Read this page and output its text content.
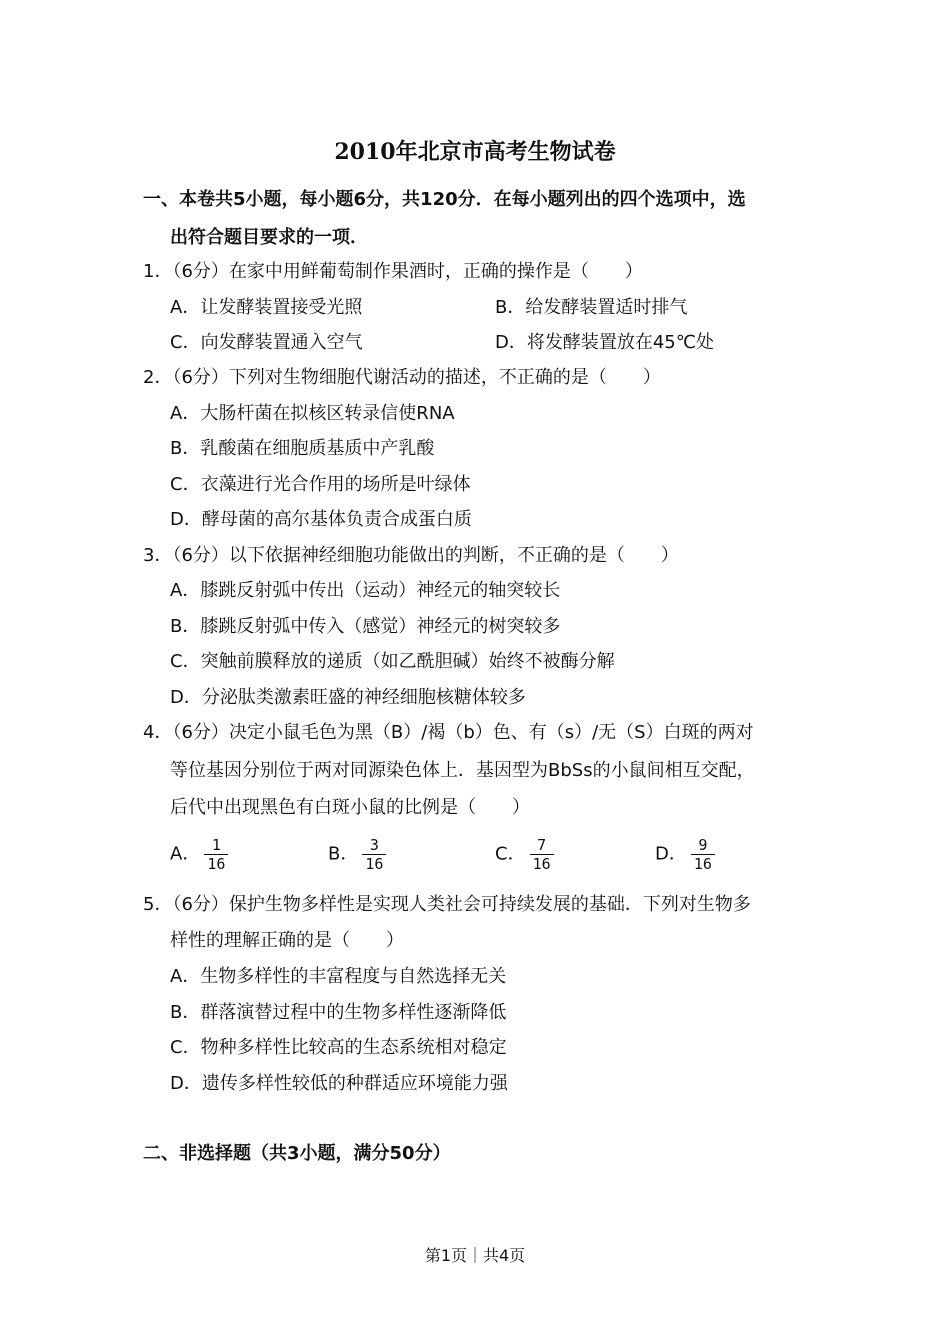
2010年北京市高考生物试卷
一、本卷共5小题，每小题6分，共120分．在每小题列出的四个选项中，选
出符合题目要求的一项．
1．（6分）在家中用鲜葡萄制作果酒时，正确的操作是（　　）
A．让发酵装置接受光照	B．给发酵装置适时排气
C．向发酵装置通入空气	D．将发酵装置放在45℃处
2．（6分）下列对生物细胞代谢活动的描述，不正确的是（　　）
A．大肠杆菌在拟核区转录信使RNA
B．乳酸菌在细胞质基质中产乳酸
C．衣藻进行光合作用的场所是叶绿体
D．酵母菌的高尔基体负责合成蛋白质
3．（6分）以下依据神经细胞功能做出的判断，不正确的是（　　）
A．膝跳反射弧中传出（运动）神经元的轴突较长
B．膝跳反射弧中传入（感觉）神经元的树突较多
C．突触前膜释放的递质（如乙酰胆碱）始终不被酶分解
D．分泌肽类激素旺盛的神经细胞核糖体较多
4．（6分）决定小鼠毛色为黑（B）/褐（b）色、有（s）/无（S）白斑的两对
等位基因分别位于两对同源染色体上．基因型为BbSs的小鼠间相互交配，
后代中出现黑色有白斑小鼠的比例是（　　）
A． $\frac{1}{16}$	B． $\frac{3}{16}$	C． $\frac{7}{16}$	D． $\frac{9}{16}$
5．（6分）保护生物多样性是实现人类社会可持续发展的基础．下列对生物多
样性的理解正确的是（　　）
A．生物多样性的丰富程度与自然选择无关
B．群落演替过程中的生物多样性逐渐降低
C．物种多样性比较高的生态系统相对稳定
D．遗传多样性较低的种群适应环境能力强
二、非选择题（共3小题，满分50分）
第1页｜共4页
